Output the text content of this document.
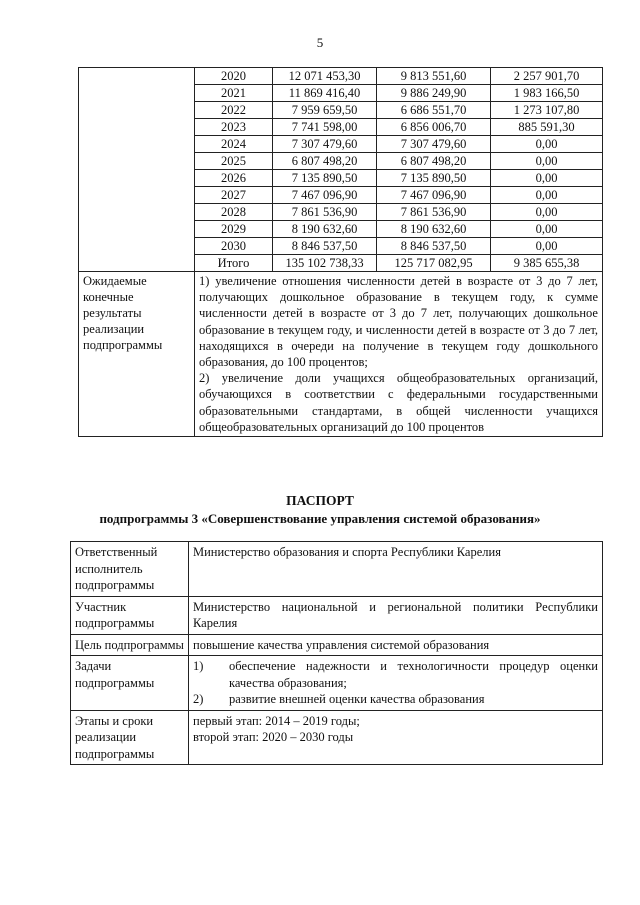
5
	2020	12 071 453,30	9 813 551,60	2 257 901,70
	2021	11 869 416,40	9 886 249,90	1 983 166,50
	2022	7 959 659,50	6 686 551,70	1 273 107,80
	2023	7 741 598,00	6 856 006,70	885 591,30
	2024	7 307 479,60	7 307 479,60	0,00
	2025	6 807 498,20	6 807 498,20	0,00
	2026	7 135 890,50	7 135 890,50	0,00
	2027	7 467 096,90	7 467 096,90	0,00
	2028	7 861 536,90	7 861 536,90	0,00
	2029	8 190 632,60	8 190 632,60	0,00
	2030	8 846 537,50	8 846 537,50	0,00
	Итого	135 102 738,33	125 717 082,95	9 385 655,38
Ожидаемые конечные результаты реализации подпрограммы	1) увеличение отношения численности детей в возрасте от 3 до 7 лет, получающих дошкольное образование в текущем году, к сумме численности детей в возрасте от 3 до 7 лет, получающих дошкольное образование в текущем году, и численности детей в возрасте от 3 до 7 лет, находящихся в очереди на получение в текущем году дошкольного образования, до 100 процентов;
2) увеличение доли учащихся общеобразовательных организаций, обучающихся в соответствии с федеральными государственными образовательными стандартами, в общей численности учащихся общеобразовательных организаций до 100 процентов			
ПАСПОРТ
подпрограммы 3 «Совершенствование управления системой образования»
Ответственный исполнитель подпрограммы	Министерство образования и спорта Республики Карелия
Участник подпрограммы	Министерство национальной и региональной политики Республики Карелия
Цель подпрограммы	повышение качества управления системой образования
Задачи подпрограммы	1) обеспечение надежности и технологичности процедур оценки качества образования;
2) развитие внешней оценки качества образования

Этапы и сроки реализации подпрограммы	первый этап: 2014 – 2019 годы;
второй этап: 2020 – 2030 годы
